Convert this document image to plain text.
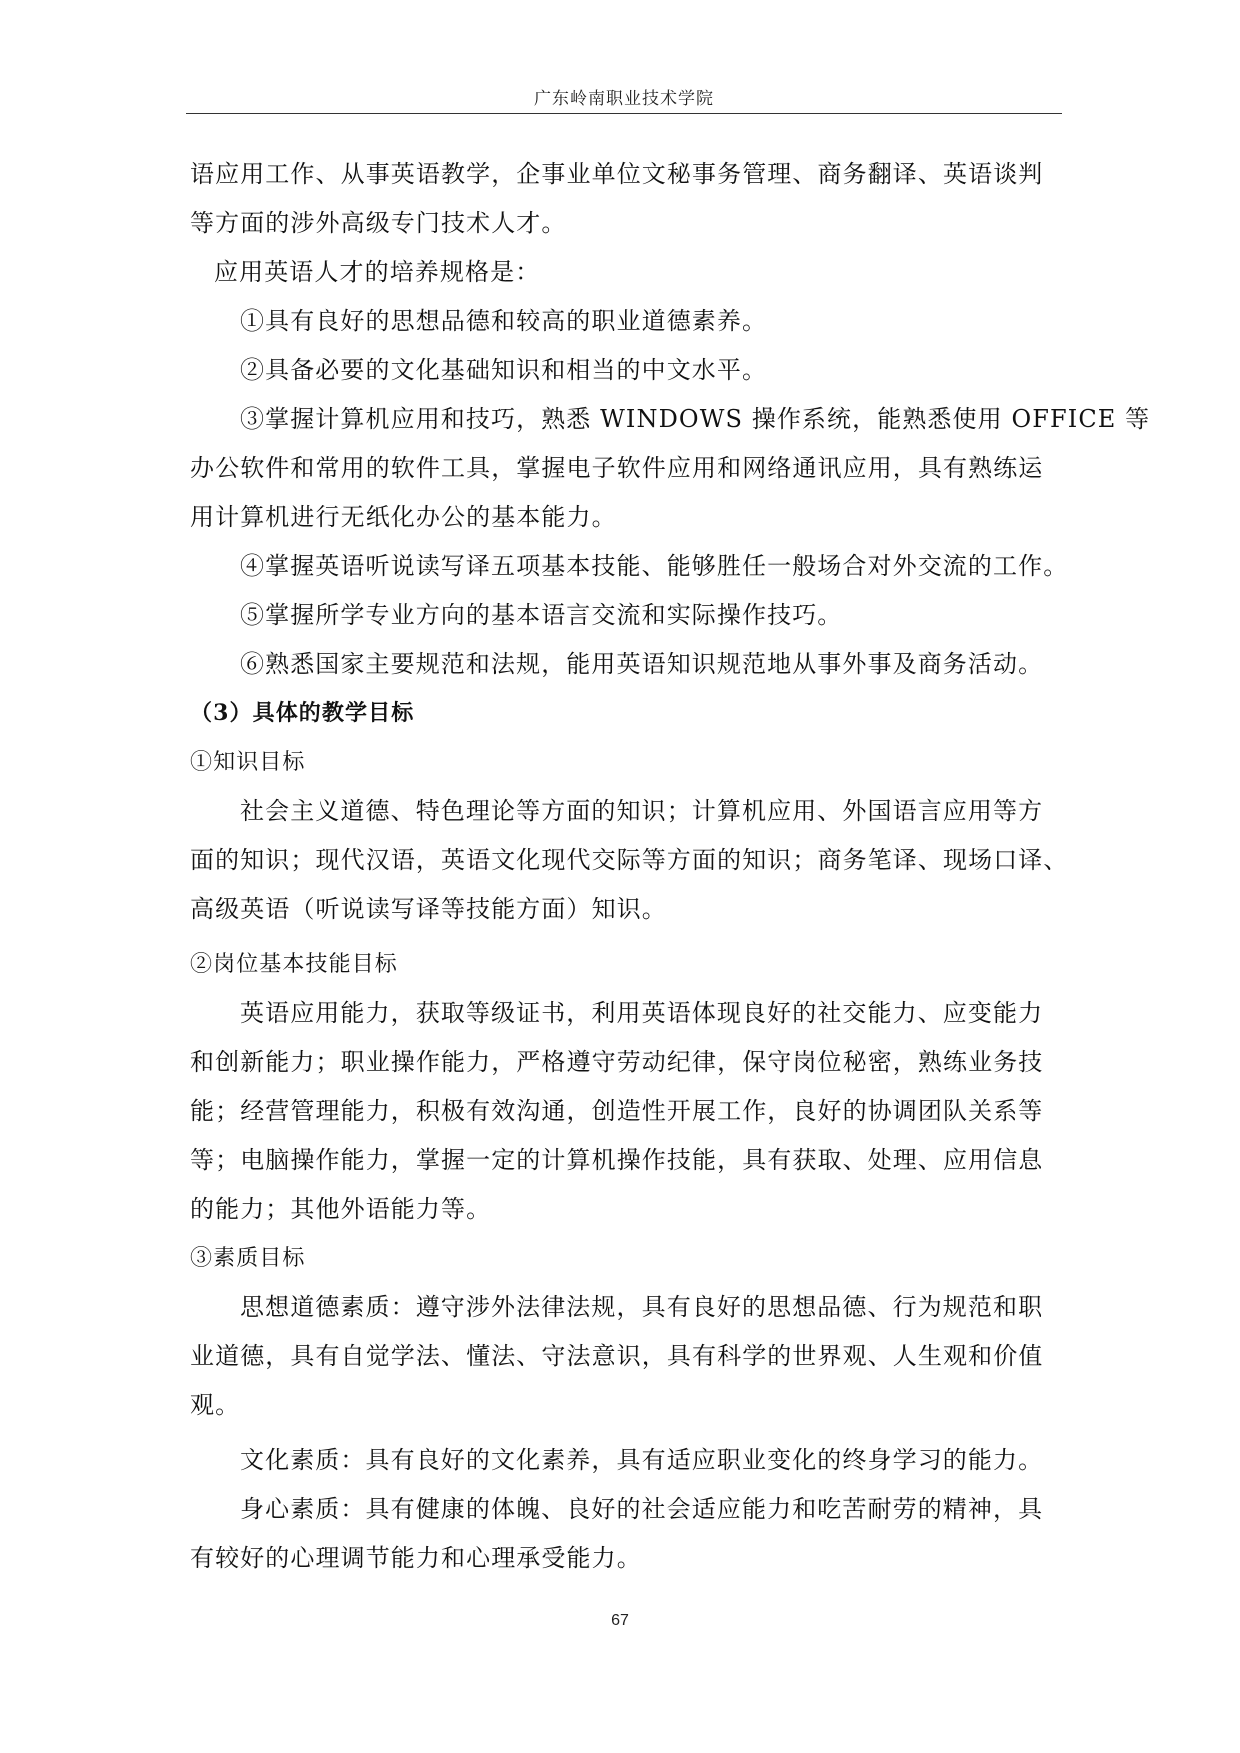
广东岭南职业技术学院
语应用工作、从事英语教学，企事业单位文秘事务管理、商务翻译、英语谈判
等方面的涉外高级专门技术人才。
应用英语人才的培养规格是：
①具有良好的思想品德和较高的职业道德素养。
②具备必要的文化基础知识和相当的中文水平。
③掌握计算机应用和技巧，熟悉 WINDOWS 操作系统，能熟悉使用 OFFICE 等
办公软件和常用的软件工具，掌握电子软件应用和网络通讯应用，具有熟练运
用计算机进行无纸化办公的基本能力。
④掌握英语听说读写译五项基本技能、能够胜任一般场合对外交流的工作。
⑤掌握所学专业方向的基本语言交流和实际操作技巧。
⑥熟悉国家主要规范和法规，能用英语知识规范地从事外事及商务活动。
（3）具体的教学目标
①知识目标
社会主义道德、特色理论等方面的知识；计算机应用、外国语言应用等方
面的知识；现代汉语，英语文化现代交际等方面的知识；商务笔译、现场口译、
高级英语（听说读写译等技能方面）知识。
②岗位基本技能目标
英语应用能力，获取等级证书，利用英语体现良好的社交能力、应变能力
和创新能力；职业操作能力，严格遵守劳动纪律，保守岗位秘密，熟练业务技
能；经营管理能力，积极有效沟通，创造性开展工作，良好的协调团队关系等
等；电脑操作能力，掌握一定的计算机操作技能，具有获取、处理、应用信息
的能力；其他外语能力等。
③素质目标
思想道德素质：遵守涉外法律法规，具有良好的思想品德、行为规范和职
业道德，具有自觉学法、懂法、守法意识，具有科学的世界观、人生观和价值
观。
文化素质：具有良好的文化素养，具有适应职业变化的终身学习的能力。
身心素质：具有健康的体魄、良好的社会适应能力和吃苦耐劳的精神，具
有较好的心理调节能力和心理承受能力。
67
